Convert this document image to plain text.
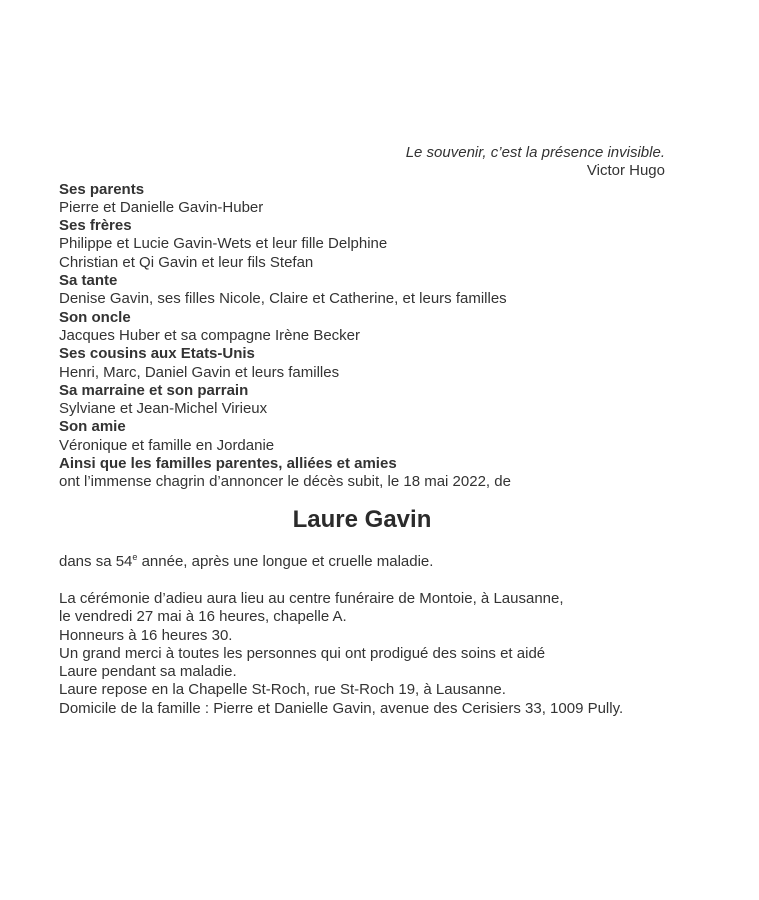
Le souvenir, c’est la présence invisible.
Victor Hugo
Ses parents
Pierre et Danielle Gavin-Huber
Ses frères
Philippe et Lucie Gavin-Wets et leur fille Delphine
Christian et Qi Gavin et leur fils Stefan
Sa tante
Denise Gavin, ses filles Nicole, Claire et Catherine, et leurs familles
Son oncle
Jacques Huber et sa compagne Irène Becker
Ses cousins aux Etats-Unis
Henri, Marc, Daniel Gavin et leurs familles
Sa marraine et son parrain
Sylviane et Jean-Michel Virieux
Son amie
Véronique et famille en Jordanie
Ainsi que les familles parentes, alliées et amies
ont l’immense chagrin d’annoncer le décès subit, le 18 mai 2022, de
Laure Gavin
dans sa 54e année, après une longue et cruelle maladie.
La cérémonie d’adieu aura lieu au centre funéraire de Montoie, à Lausanne,
le vendredi 27 mai à 16 heures, chapelle A.
Honneurs à 16 heures 30.
Un grand merci à toutes les personnes qui ont prodigué des soins et aidé
Laure pendant sa maladie.
Laure repose en la Chapelle St-Roch, rue St-Roch 19, à Lausanne.
Domicile de la famille : Pierre et Danielle Gavin, avenue des Cerisiers 33, 1009 Pully.
